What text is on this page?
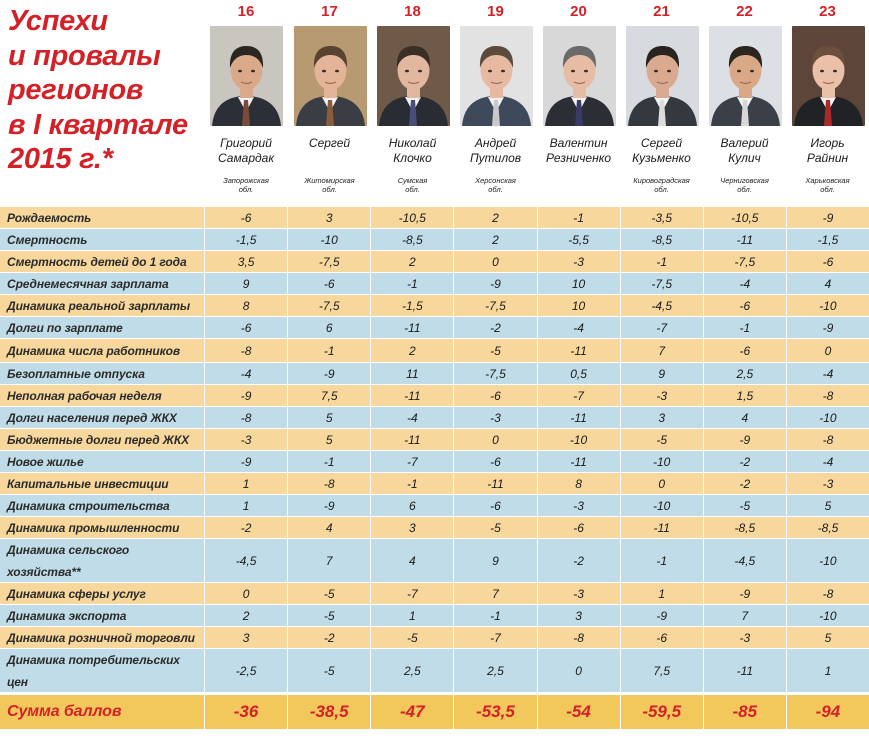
Успехи
и провалы
регионов
в I квартале
2015 г.*
16
Григорий
Самардак
Запорожская
обл.
17
Сергей
Житомирская
обл.
18
Николай
Клочко
Сумская
обл.
19
Андрей
Путилов
Херсонская
обл.
20
Валентин
Резниченко
21
Сергей
Кузьменко
Кировоградская
обл.
22
Валерий
Кулич
Черниговская
обл.
23
Игорь
Райнин
Харьковская
обл.
Рождаемость	-6	3	-10,5	2	-1	-3,5	-10,5	-9
Смертность	-1,5	-10	-8,5	2	-5,5	-8,5	-11	-1,5
Смертность детей до 1 года	3,5	-7,5	2	0	-3	-1	-7,5	-6
Среднемесячная зарплата	9	-6	-1	-9	10	-7,5	-4	4
Динамика реальной зарплаты	8	-7,5	-1,5	-7,5	10	-4,5	-6	-10
Долги по зарплате	-6	6	-11	-2	-4	-7	-1	-9
Динамика числа работников	-8	-1	2	-5	-11	7	-6	0
Безоплатные отпуска	-4	-9	11	-7,5	0,5	9	2,5	-4
Неполная рабочая неделя	-9	7,5	-11	-6	-7	-3	1,5	-8
Долги населения перед ЖКХ	-8	5	-4	-3	-11	3	4	-10
Бюджетные долги перед ЖКХ	-3	5	-11	0	-10	-5	-9	-8
Новое жилье	-9	-1	-7	-6	-11	-10	-2	-4
Капитальные инвестиции	1	-8	-1	-11	8	0	-2	-3
Динамика строительства	1	-9	6	-6	-3	-10	-5	5
Динамика промышленности	-2	4	3	-5	-6	-11	-8,5	-8,5
Динамика сельского хозяйства**
-4,5	7	4	9	-2	-1	-4,5	-10
Динамика сферы услуг	0	-5	-7	7	-3	1	-9	-8
Динамика экспорта	2	-5	1	-1	3	-9	7	-10
Динамика розничной торговли	3	-2	-5	-7	-8	-6	-3	5
Динамика потребительских цен
-2,5	-5	2,5	2,5	0	7,5	-11	1
Сумма баллов	-36	-38,5	-47	-53,5	-54	-59,5	-85	-94
